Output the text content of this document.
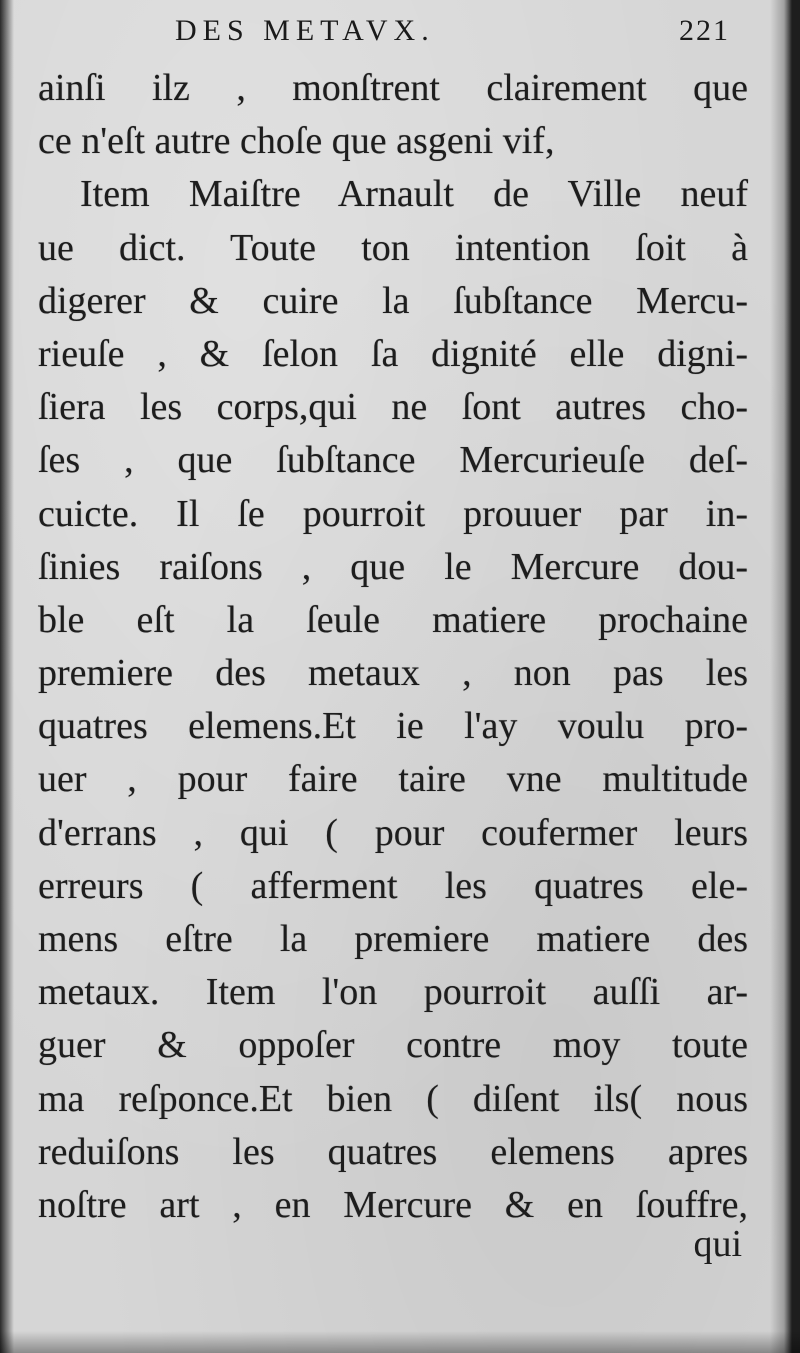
DES METAVX.	221
ainſi ilz , monſtrent clairement que
ce n'eſt autre choſe que asgeni vif,
Item Maiſtre Arnault de Ville neuf
ue dict. Toute ton intention ſoit à
digerer & cuire la ſubſtance Mercu-
rieuſe , & ſelon ſa dignité elle digni-
ſiera les corps,qui ne ſont autres cho-
ſes , que ſubſtance Mercurieuſe deſ-
cuicte. Il ſe pourroit prouuer par in-
ſinies raiſons , que le Mercure dou-
ble eſt la ſeule matiere prochaine
premiere des metaux , non pas les
quatres elemens.Et ie l'ay voulu pro-
uer , pour faire taire vne multitude
d'errans , qui ( pour coufermer leurs
erreurs ( afferment les quatres ele-
mens eſtre la premiere matiere des
metaux. Item l'on pourroit auſſi ar-
guer & oppoſer contre moy toute
ma reſponce.Et bien ( diſent ils( nous
reduiſons les quatres elemens apres
noſtre art , en Mercure & en ſouffre,
qui
